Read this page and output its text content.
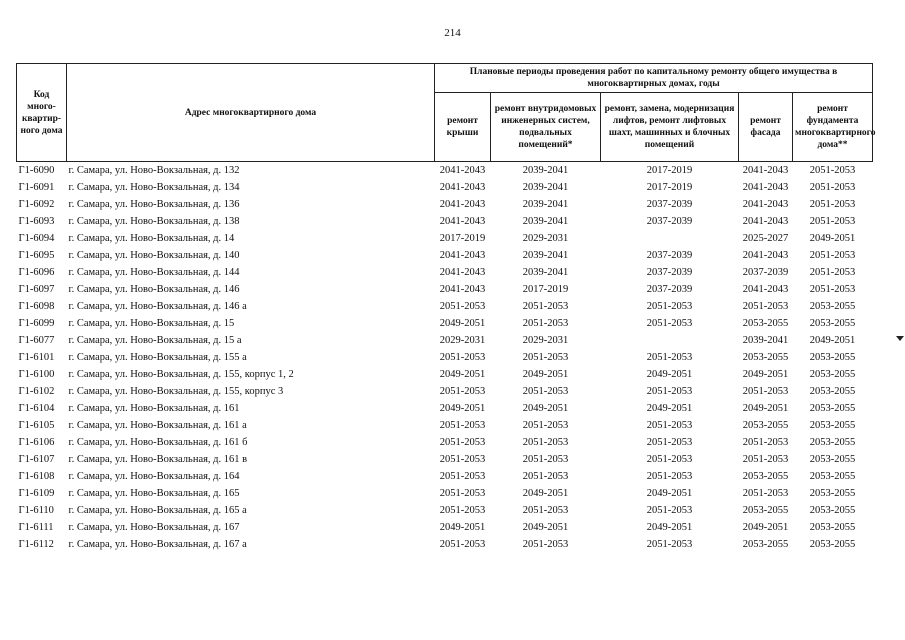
214
Код много-квартир-ного дома	Адрес многоквартирного дома	Плановые периоды проведения работ по капитальному ремонту общего имущества в многоквартирных домах, годы				
		ремонт крыши	ремонт внутридомовых инженерных систем, подвальных помещений*	ремонт, замена, модернизация лифтов, ремонт лифтовых шахт, машинных и блочных помещений	ремонт фасада	ремонт фундамента многоквартирного дома**
Г1-6090	г. Самара, ул. Ново-Вокзальная, д. 132	2041-2043	2039-2041	2017-2019	2041-2043	2051-2053
Г1-6091	г. Самара, ул. Ново-Вокзальная, д. 134	2041-2043	2039-2041	2017-2019	2041-2043	2051-2053
Г1-6092	г. Самара, ул. Ново-Вокзальная, д. 136	2041-2043	2039-2041	2037-2039	2041-2043	2051-2053
Г1-6093	г. Самара, ул. Ново-Вокзальная, д. 138	2041-2043	2039-2041	2037-2039	2041-2043	2051-2053
Г1-6094	г. Самара, ул. Ново-Вокзальная, д. 14	2017-2019	2029-2031		2025-2027	2049-2051
Г1-6095	г. Самара, ул. Ново-Вокзальная, д. 140	2041-2043	2039-2041	2037-2039	2041-2043	2051-2053
Г1-6096	г. Самара, ул. Ново-Вокзальная, д. 144	2041-2043	2039-2041	2037-2039	2037-2039	2051-2053
Г1-6097	г. Самара, ул. Ново-Вокзальная, д. 146	2041-2043	2017-2019	2037-2039	2041-2043	2051-2053
Г1-6098	г. Самара, ул. Ново-Вокзальная, д. 146 а	2051-2053	2051-2053	2051-2053	2051-2053	2053-2055
Г1-6099	г. Самара, ул. Ново-Вокзальная, д. 15	2049-2051	2051-2053	2051-2053	2053-2055	2053-2055
Г1-6077	г. Самара, ул. Ново-Вокзальная, д. 15 а	2029-2031	2029-2031		2039-2041	2049-2051
Г1-6101	г. Самара, ул. Ново-Вокзальная, д. 155 а	2051-2053	2051-2053	2051-2053	2053-2055	2053-2055
Г1-6100	г. Самара, ул. Ново-Вокзальная, д. 155, корпус 1, 2	2049-2051	2049-2051	2049-2051	2049-2051	2053-2055
Г1-6102	г. Самара, ул. Ново-Вокзальная, д. 155, корпус 3	2051-2053	2051-2053	2051-2053	2051-2053	2053-2055
Г1-6104	г. Самара, ул. Ново-Вокзальная, д. 161	2049-2051	2049-2051	2049-2051	2049-2051	2053-2055
Г1-6105	г. Самара, ул. Ново-Вокзальная, д. 161 а	2051-2053	2051-2053	2051-2053	2053-2055	2053-2055
Г1-6106	г. Самара, ул. Ново-Вокзальная, д. 161 б	2051-2053	2051-2053	2051-2053	2051-2053	2053-2055
Г1-6107	г. Самара, ул. Ново-Вокзальная, д. 161 в	2051-2053	2051-2053	2051-2053	2051-2053	2053-2055
Г1-6108	г. Самара, ул. Ново-Вокзальная, д. 164	2051-2053	2051-2053	2051-2053	2053-2055	2053-2055
Г1-6109	г. Самара, ул. Ново-Вокзальная, д. 165	2051-2053	2049-2051	2049-2051	2051-2053	2053-2055
Г1-6110	г. Самара, ул. Ново-Вокзальная, д. 165 а	2051-2053	2051-2053	2051-2053	2053-2055	2053-2055
Г1-6111	г. Самара, ул. Ново-Вокзальная, д. 167	2049-2051	2049-2051	2049-2051	2049-2051	2053-2055
Г1-6112	г. Самара, ул. Ново-Вокзальная, д. 167 а	2051-2053	2051-2053	2051-2053	2053-2055	2053-2055
